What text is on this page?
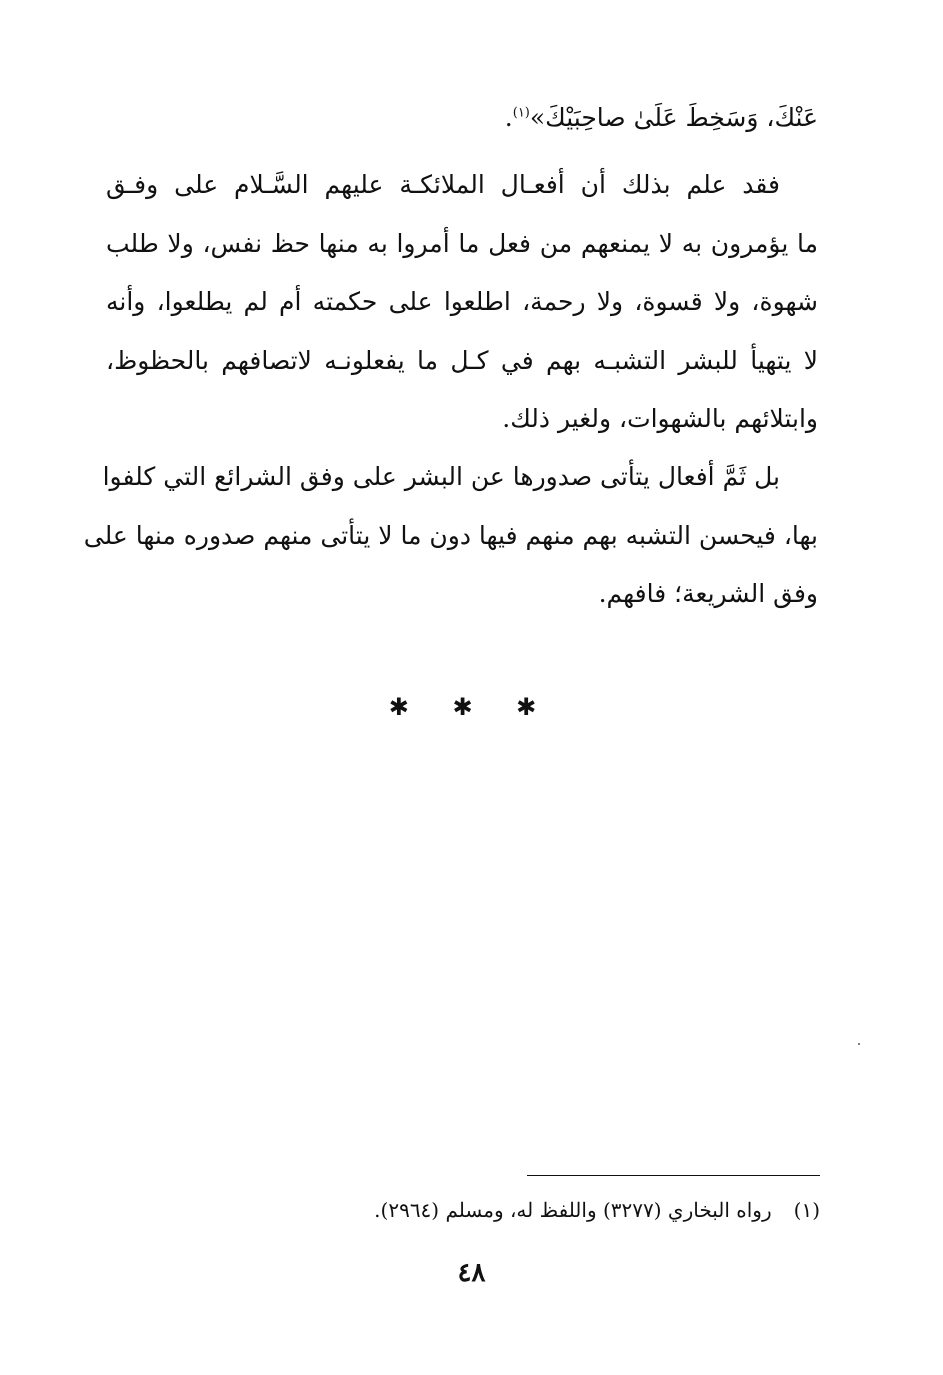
عَنْكَ، وَسَخِطَ عَلَىٰ صاحِبَيْكَ»$^{(١)}$.

فقد علم بذلك أن أفعـال الملائكـة عليهم السَّـلام على وفـق
ما يؤمرون به لا يمنعهم من فعل ما أمروا به منها حظ نفس، ولا طلب
شهوة، ولا قسوة، ولا رحمة، اطلعوا على حكمته أم لم يطلعوا، وأنه
لا يتهيأ للبشر التشبـه بهم في كـل ما يفعلونـه لاتصافهم بالحظوظ،
وابتلائهم بالشهوات، ولغير ذلك.

بل ثَمَّ أفعال يتأتى صدورها عن البشر على وفق الشرائع التي كلفوا
بها، فيحسن التشبه بهم منهم فيها دون ما لا يتأتى منهم صدوره منها على
وفق الشريعة؛ فافهم.

✱ ✱ ✱
(١)رواه البخاري (٣٢٧٧) واللفظ له، ومسلم (٢٩٦٤).
٤٨
